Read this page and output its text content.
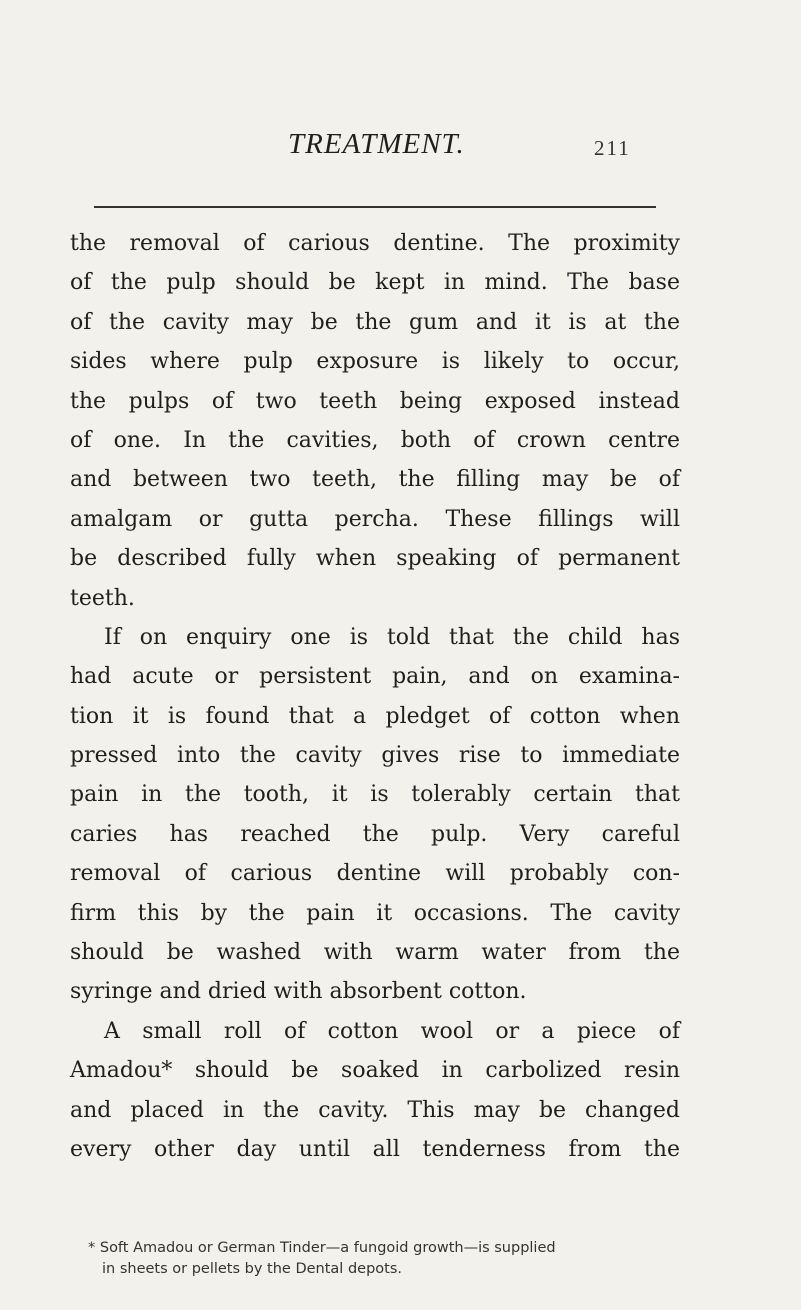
TREATMENT.	211
the removal of carious dentine. The proximity
of the pulp should be kept in mind. The base
of the cavity may be the gum and it is at the
sides where pulp exposure is likely to occur,
the pulps of two teeth being exposed instead
of one. In the cavities, both of crown centre
and between two teeth, the filling may be of
amalgam or gutta percha. These fillings will
be described fully when speaking of permanent
teeth.
If on enquiry one is told that the child has
had acute or persistent pain, and on examina-
tion it is found that a pledget of cotton when
pressed into the cavity gives rise to immediate
pain in the tooth, it is tolerably certain that
caries has reached the pulp. Very careful
removal of carious dentine will probably con-
firm this by the pain it occasions. The cavity
should be washed with warm water from the
syringe and dried with absorbent cotton.
A small roll of cotton wool or a piece of
Amadou* should be soaked in carbolized resin
and placed in the cavity. This may be changed
every other day until all tenderness from the
* Soft Amadou or German Tinder—a fungoid growth—is supplied
in sheets or pellets by the Dental depots.
